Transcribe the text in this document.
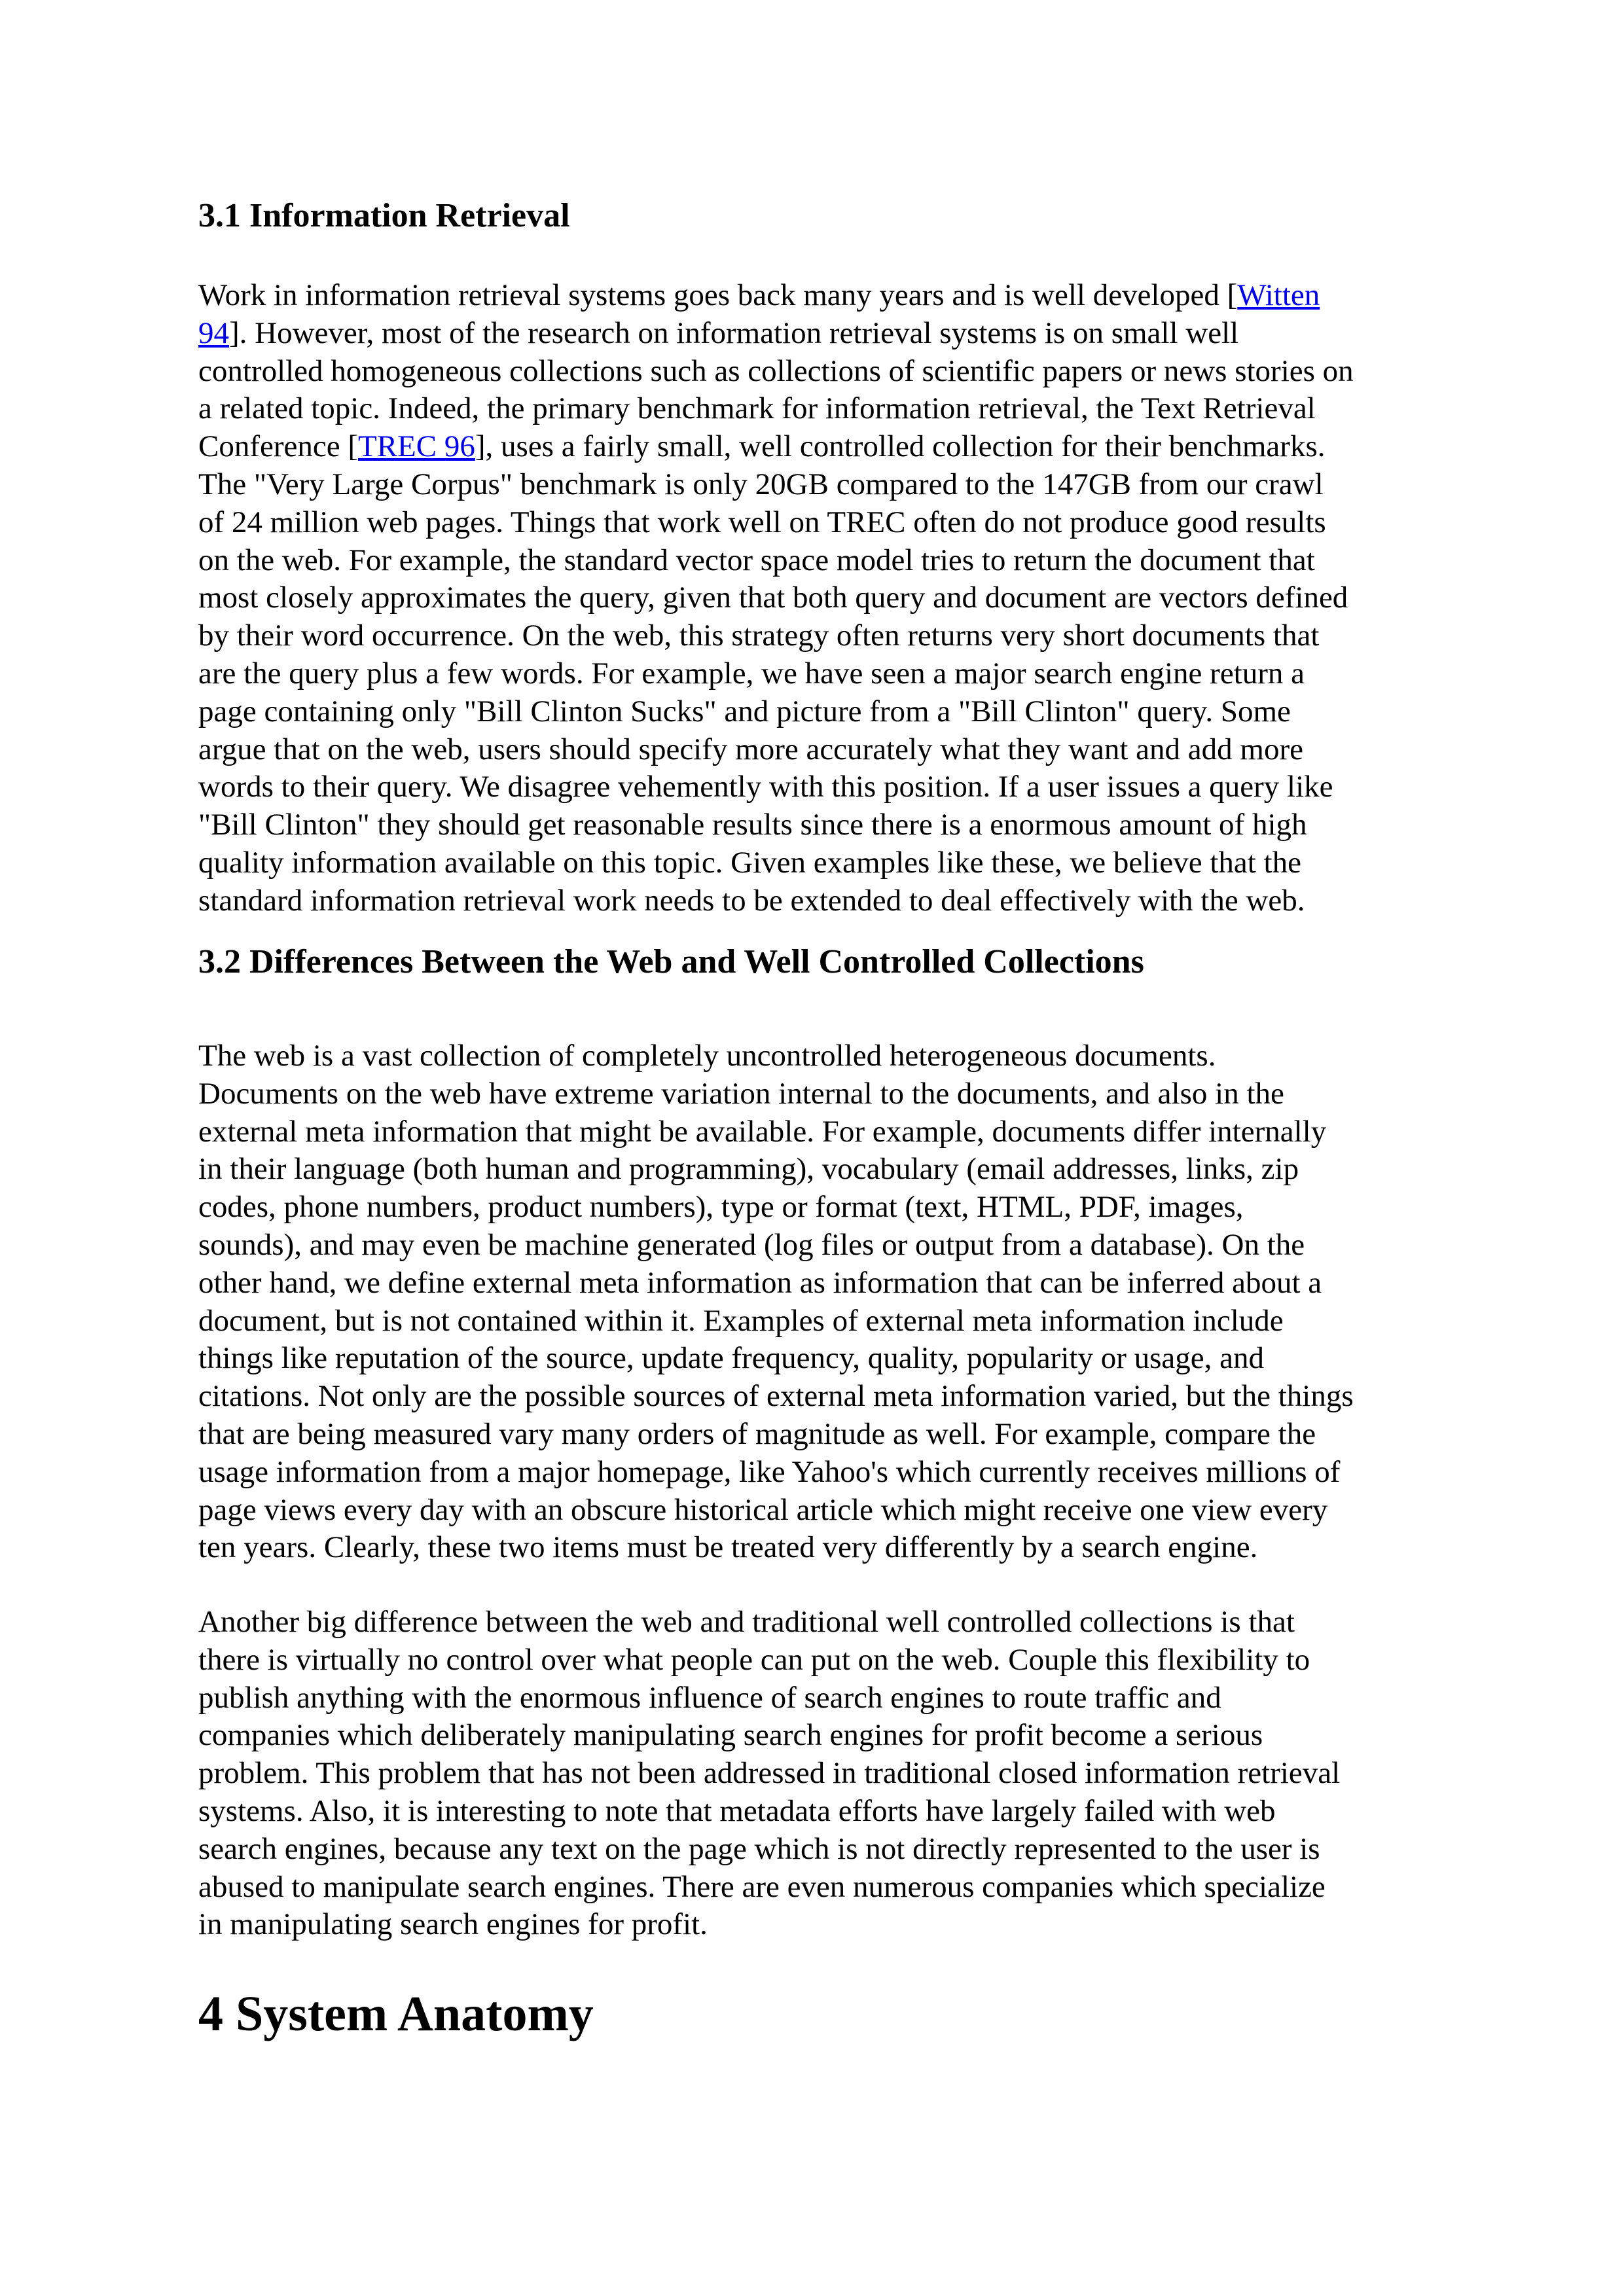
3.1 Information Retrieval
Work in information retrieval systems goes back many years and is well developed [Witten
94]. However, most of the research on information retrieval systems is on small well
controlled homogeneous collections such as collections of scientific papers or news stories on
a related topic. Indeed, the primary benchmark for information retrieval, the Text Retrieval
Conference [TREC 96], uses a fairly small, well controlled collection for their benchmarks.
The "Very Large Corpus" benchmark is only 20GB compared to the 147GB from our crawl
of 24 million web pages. Things that work well on TREC often do not produce good results
on the web. For example, the standard vector space model tries to return the document that
most closely approximates the query, given that both query and document are vectors defined
by their word occurrence. On the web, this strategy often returns very short documents that
are the query plus a few words. For example, we have seen a major search engine return a
page containing only "Bill Clinton Sucks" and picture from a "Bill Clinton" query. Some
argue that on the web, users should specify more accurately what they want and add more
words to their query. We disagree vehemently with this position. If a user issues a query like
"Bill Clinton" they should get reasonable results since there is a enormous amount of high
quality information available on this topic. Given examples like these, we believe that the
standard information retrieval work needs to be extended to deal effectively with the web.
3.2 Differences Between the Web and Well Controlled Collections
The web is a vast collection of completely uncontrolled heterogeneous documents.
Documents on the web have extreme variation internal to the documents, and also in the
external meta information that might be available. For example, documents differ internally
in their language (both human and programming), vocabulary (email addresses, links, zip
codes, phone numbers, product numbers), type or format (text, HTML, PDF, images,
sounds), and may even be machine generated (log files or output from a database). On the
other hand, we define external meta information as information that can be inferred about a
document, but is not contained within it. Examples of external meta information include
things like reputation of the source, update frequency, quality, popularity or usage, and
citations. Not only are the possible sources of external meta information varied, but the things
that are being measured vary many orders of magnitude as well. For example, compare the
usage information from a major homepage, like Yahoo's which currently receives millions of
page views every day with an obscure historical article which might receive one view every
ten years. Clearly, these two items must be treated very differently by a search engine.
Another big difference between the web and traditional well controlled collections is that
there is virtually no control over what people can put on the web. Couple this flexibility to
publish anything with the enormous influence of search engines to route traffic and
companies which deliberately manipulating search engines for profit become a serious
problem. This problem that has not been addressed in traditional closed information retrieval
systems. Also, it is interesting to note that metadata efforts have largely failed with web
search engines, because any text on the page which is not directly represented to the user is
abused to manipulate search engines. There are even numerous companies which specialize
in manipulating search engines for profit.
4 System Anatomy
